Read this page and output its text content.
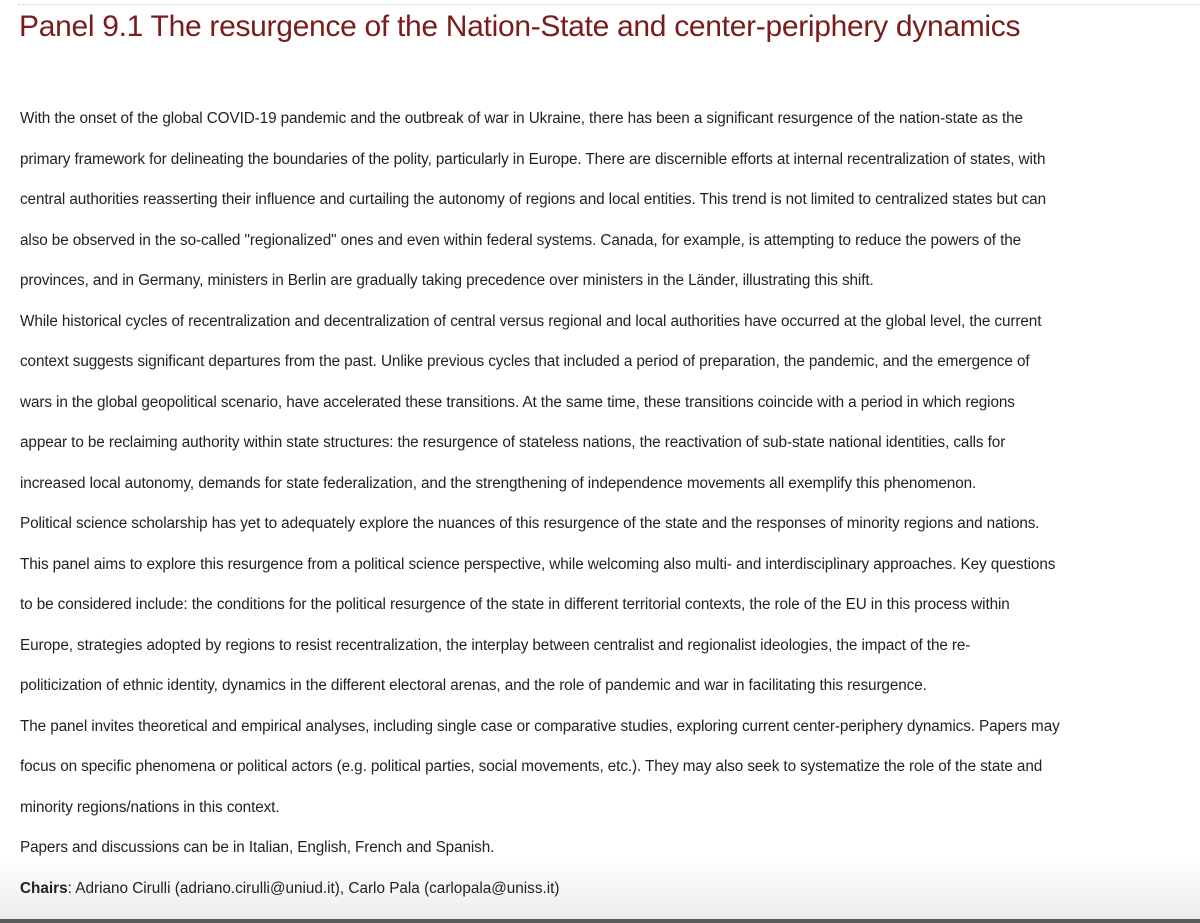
Panel 9.1 The resurgence of the Nation-State and center-periphery dynamics
With the onset of the global COVID-19 pandemic and the outbreak of war in Ukraine, there has been a significant resurgence of the nation-state as the
primary framework for delineating the boundaries of the polity, particularly in Europe. There are discernible efforts at internal recentralization of states, with
central authorities reasserting their influence and curtailing the autonomy of regions and local entities. This trend is not limited to centralized states but can
also be observed in the so-called "regionalized" ones and even within federal systems. Canada, for example, is attempting to reduce the powers of the
provinces, and in Germany, ministers in Berlin are gradually taking precedence over ministers in the Länder, illustrating this shift.
While historical cycles of recentralization and decentralization of central versus regional and local authorities have occurred at the global level, the current
context suggests significant departures from the past. Unlike previous cycles that included a period of preparation, the pandemic, and the emergence of
wars in the global geopolitical scenario, have accelerated these transitions. At the same time, these transitions coincide with a period in which regions
appear to be reclaiming authority within state structures: the resurgence of stateless nations, the reactivation of sub-state national identities, calls for
increased local autonomy, demands for state federalization, and the strengthening of independence movements all exemplify this phenomenon.
Political science scholarship has yet to adequately explore the nuances of this resurgence of the state and the responses of minority regions and nations.
This panel aims to explore this resurgence from a political science perspective, while welcoming also multi- and interdisciplinary approaches. Key questions
to be considered include: the conditions for the political resurgence of the state in different territorial contexts, the role of the EU in this process within
Europe, strategies adopted by regions to resist recentralization, the interplay between centralist and regionalist ideologies, the impact of the re-
politicization of ethnic identity, dynamics in the different electoral arenas, and the role of pandemic and war in facilitating this resurgence.
The panel invites theoretical and empirical analyses, including single case or comparative studies, exploring current center-periphery dynamics. Papers may
focus on specific phenomena or political actors (e.g. political parties, social movements, etc.). They may also seek to systematize the role of the state and
minority regions/nations in this context.
Papers and discussions can be in Italian, English, French and Spanish.
Chairs: Adriano Cirulli (adriano.cirulli@uniud.it), Carlo Pala (carlopala@uniss.it)
